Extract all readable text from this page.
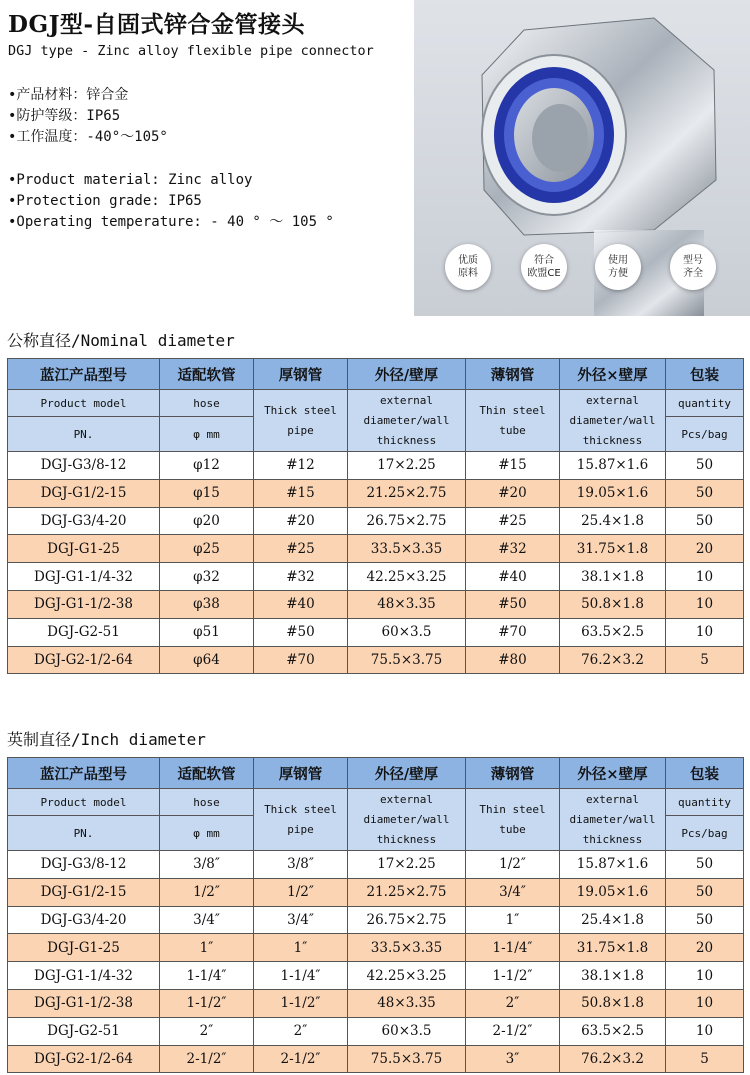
DGJ型-自固式锌合金管接头
DGJ type - Zinc alloy flexible pipe connector
•产品材料：锌合金
•防护等级：IP65
•工作温度：-40°～105°
•Product material: Zinc alloy
•Protection grade: IP65
•Operating temperature: - 40 ° ～ 105 °
优质
原料
符合
欧盟CE
使用
方便
型号
齐全
公称直径/Nominal diameter
蓝江产品型号	适配软管	厚钢管	外径/壁厚	薄钢管	外径×壁厚	包装
Product model	hose	Thick steel pipe	external diameter/wall thickness	Thin steel tube	external diameter/wall thickness	quantity
PN.	φ mm					Pcs/bag
DGJ-G3/8-12	φ12	#12	17×2.25	#15	15.87×1.6	50
DGJ-G1/2-15	φ15	#15	21.25×2.75	#20	19.05×1.6	50
DGJ-G3/4-20	φ20	#20	26.75×2.75	#25	25.4×1.8	50
DGJ-G1-25	φ25	#25	33.5×3.35	#32	31.75×1.8	20
DGJ-G1-1/4-32	φ32	#32	42.25×3.25	#40	38.1×1.8	10
DGJ-G1-1/2-38	φ38	#40	48×3.35	#50	50.8×1.8	10
DGJ-G2-51	φ51	#50	60×3.5	#70	63.5×2.5	10
DGJ-G2-1/2-64	φ64	#70	75.5×3.75	#80	76.2×3.2	5
英制直径/Inch diameter
蓝江产品型号	适配软管	厚钢管	外径/壁厚	薄钢管	外径×壁厚	包装
Product model	hose	Thick steel pipe	external diameter/wall thickness	Thin steel tube	external diameter/wall thickness	quantity
PN.	φ mm					Pcs/bag
DGJ-G3/8-12	3/8″	3/8″	17×2.25	1/2″	15.87×1.6	50
DGJ-G1/2-15	1/2″	1/2″	21.25×2.75	3/4″	19.05×1.6	50
DGJ-G3/4-20	3/4″	3/4″	26.75×2.75	1″	25.4×1.8	50
DGJ-G1-25	1″	1″	33.5×3.35	1-1/4″	31.75×1.8	20
DGJ-G1-1/4-32	1-1/4″	1-1/4″	42.25×3.25	1-1/2″	38.1×1.8	10
DGJ-G1-1/2-38	1-1/2″	1-1/2″	48×3.35	2″	50.8×1.8	10
DGJ-G2-51	2″	2″	60×3.5	2-1/2″	63.5×2.5	10
DGJ-G2-1/2-64	2-1/2″	2-1/2″	75.5×3.75	3″	76.2×3.2	5
